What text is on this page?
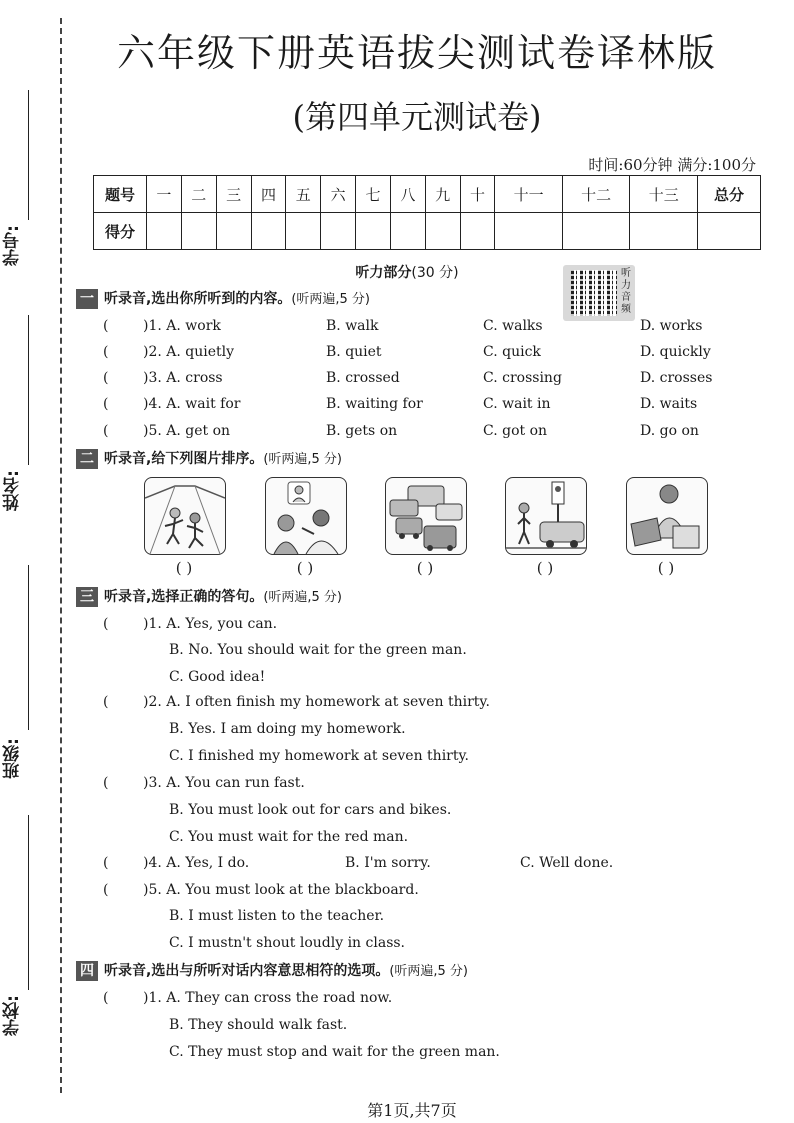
学号:
姓名:
班级:
学校:
六年级下册英语拔尖测试卷译林版
(第四单元测试卷)
时间:60分钟 满分:100分
题号	一	二	三	四	五	六	七	八	九	十	十一	十二	十三	总分
得分														
听力部分(30 分)	听力音频
一 听录音,选出你所听到的内容。(听两遍,5 分)
( )1. A. work	B. walk	C. walks	D. works
( )2. A. quietly	B. quiet	C. quick	D. quickly
( )3. A. cross	B. crossed	C. crossing	D. crosses
( )4. A. wait for	B. waiting for	C. wait in	D. waits
( )5. A. get on	B. gets on	C. got on	D. go on
二 听录音,给下列图片排序。(听两遍,5 分)
( )	( )	( )	( )	( )
三 听录音,选择正确的答句。(听两遍,5 分)
( )1. A. Yes, you can.
B. No. You should wait for the green man.
C. Good idea!
( )2. A. I often finish my homework at seven thirty.
B. Yes. I am doing my homework.
C. I finished my homework at seven thirty.
( )3. A. You can run fast.
B. You must look out for cars and bikes.
C. You must wait for the red man.
( )4. A. Yes, I do.	B. I'm sorry.	C. Well done.
( )5. A. You must look at the blackboard.
B. I must listen to the teacher.
C. I mustn't shout loudly in class.
四 听录音,选出与所听对话内容意思相符的选项。(听两遍,5 分)
( )1. A. They can cross the road now.
B. They should walk fast.
C. They must stop and wait for the green man.
第1页,共7页
